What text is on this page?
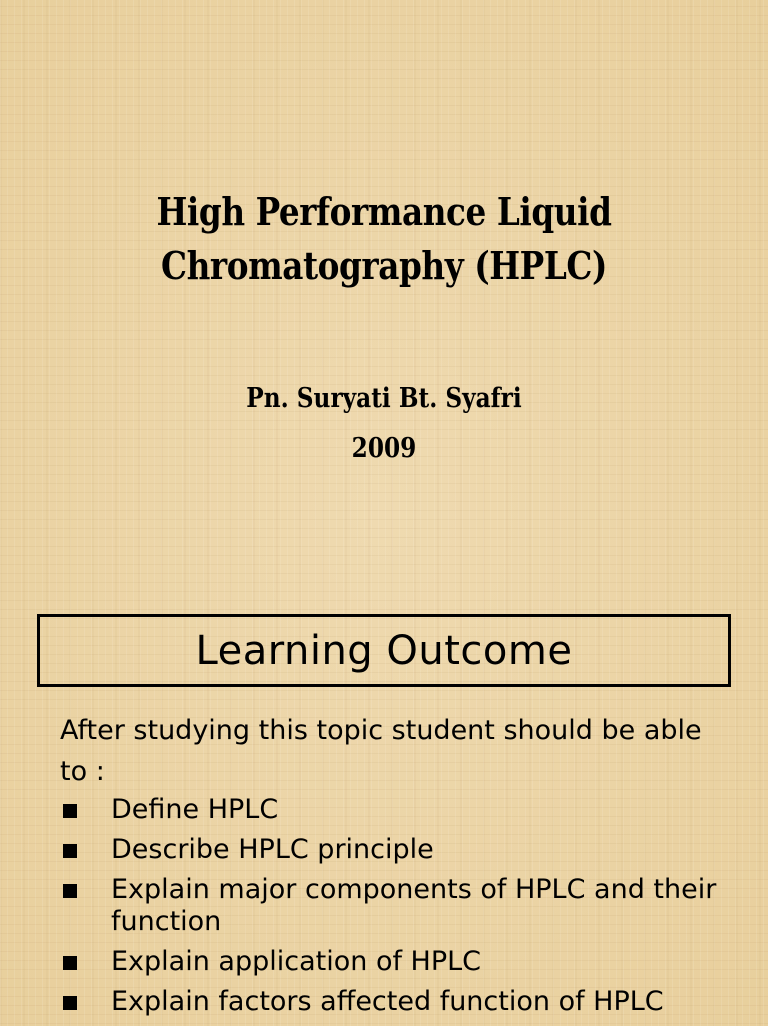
High Performance Liquid
Chromatography (HPLC)
Pn. Suryati Bt. Syafri
2009
Learning Outcome
After studying this topic student should be able to :
Define HPLC
Describe HPLC principle
Explain major components of HPLC and their function
Explain application of HPLC
Explain factors affected function of HPLC
